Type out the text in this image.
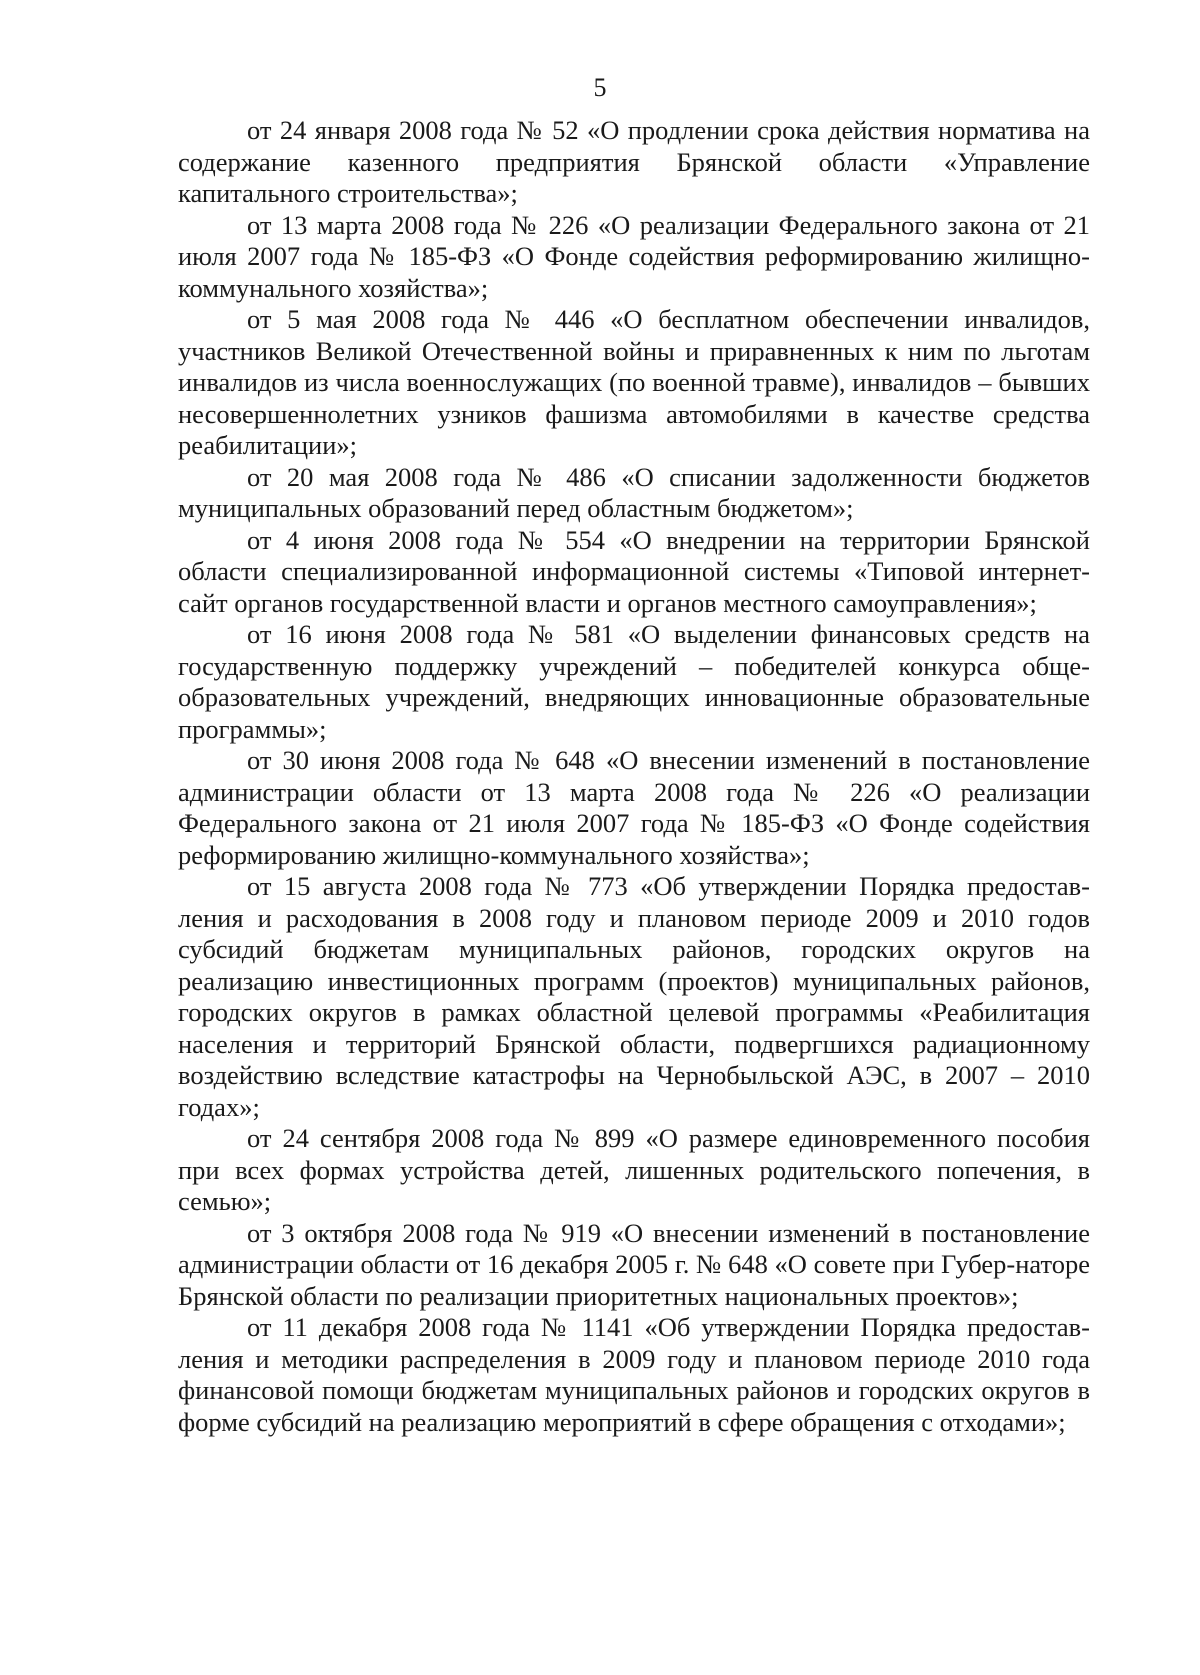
5

от 24 января 2008 года № 52 «О продлении срока действия норматива на содержание казенного предприятия Брянской области «Управление капитального строительства»;

от 13 марта 2008 года № 226 «О реализации Федерального закона от 21 июля 2007 года № 185-ФЗ «О Фонде содействия реформированию жилищно-коммунального хозяйства»;

от 5 мая 2008 года № 446 «О бесплатном обеспечении инвалидов, участников Великой Отечественной войны и приравненных к ним по льготам инвалидов из числа военнослужащих (по военной травме), инвалидов – бывших несовершеннолетних узников фашизма автомобилями в качестве средства реабилитации»;

от 20 мая 2008 года № 486 «О списании задолженности бюджетов муниципальных образований перед областным бюджетом»;

от 4 июня 2008 года № 554 «О внедрении на территории Брянской области специализированной информационной системы «Типовой интернет-сайт органов государственной власти и органов местного самоуправления»;

от 16 июня 2008 года № 581 «О выделении финансовых средств на государственную поддержку учреждений – победителей конкурса обще-образовательных учреждений, внедряющих инновационные образовательные программы»;

от 30 июня 2008 года № 648 «О внесении изменений в постановление администрации области от 13 марта 2008 года № 226 «О реализации Федерального закона от 21 июля 2007 года № 185-ФЗ «О Фонде содействия реформированию жилищно-коммунального хозяйства»;

от 15 августа 2008 года № 773 «Об утверждении Порядка предостав-ления и расходования в 2008 году и плановом периоде 2009 и 2010 годов субсидий бюджетам муниципальных районов, городских округов на реализацию инвестиционных программ (проектов) муниципальных районов, городских округов в рамках областной целевой программы «Реабилитация населения и территорий Брянской области, подвергшихся радиационному воздействию вследствие катастрофы на Чернобыльской АЭС, в 2007 – 2010 годах»;

от 24 сентября 2008 года № 899 «О размере единовременного пособия при всех формах устройства детей, лишенных родительского попечения, в семью»;

от 3 октября 2008 года № 919 «О внесении изменений в постановление администрации области от 16 декабря 2005 г. № 648 «О совете при Губер-наторе Брянской области по реализации приоритетных национальных проектов»;

от 11 декабря 2008 года № 1141 «Об утверждении Порядка предостав-ления и методики распределения в 2009 году и плановом периоде 2010 года финансовой помощи бюджетам муниципальных районов и городских округов в форме субсидий на реализацию мероприятий в сфере обращения с отходами»;
